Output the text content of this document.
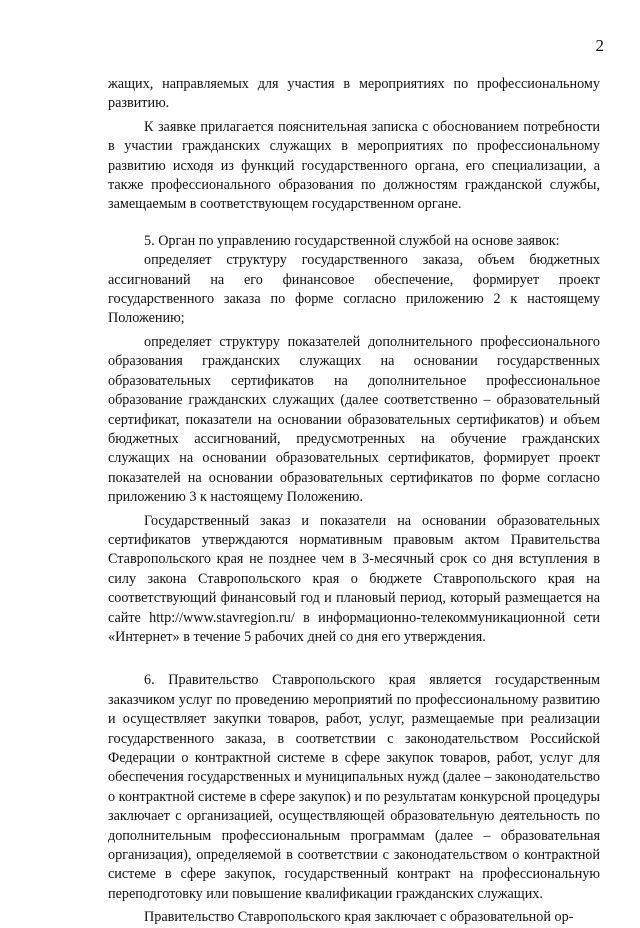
2

жащих, направляемых для участия в мероприятиях по профессиональному развитию.

К заявке прилагается пояснительная записка с обоснованием потребности в участии гражданских служащих в мероприятиях по профессиональному развитию исходя из функций государственного органа, его специализации, а также профессионального образования по должностям гражданской службы, замещаемым в соответствующем государственном органе.

5. Орган по управлению государственной службой на основе заявок:

определяет структуру государственного заказа, объем бюджетных ассигнований на его финансовое обеспечение, формирует проект государственного заказа по форме согласно приложению 2 к настоящему Положению;

определяет структуру показателей дополнительного профессионального образования гражданских служащих на основании государственных образовательных сертификатов на дополнительное профессиональное образование гражданских служащих (далее соответственно – образовательный сертификат, показатели на основании образовательных сертификатов) и объем бюджетных ассигнований, предусмотренных на обучение гражданских служащих на основании образовательных сертификатов, формирует проект показателей на основании образовательных сертификатов по форме согласно приложению 3 к настоящему Положению.

Государственный заказ и показатели на основании образовательных сертификатов утверждаются нормативным правовым актом Правительства Ставропольского края не позднее чем в 3-месячный срок со дня вступления в силу закона Ставропольского края о бюджете Ставропольского края на соответствующий финансовый год и плановый период, который размещается на сайте http://www.stavregion.ru/ в информационно-телекоммуникационной сети «Интернет» в течение 5 рабочих дней со дня его утверждения.

6. Правительство Ставропольского края является государственным заказчиком услуг по проведению мероприятий по профессиональному развитию и осуществляет закупки товаров, работ, услуг, размещаемые при реализации государственного заказа, в соответствии с законодательством Российской Федерации о контрактной системе в сфере закупок товаров, работ, услуг для обеспечения государственных и муниципальных нужд (далее – законодательство о контрактной системе в сфере закупок) и по результатам конкурсной процедуры заключает с организацией, осуществляющей образовательную деятельность по дополнительным профессиональным программам (далее – образовательная организация), определяемой в соответствии с законодательством о контрактной системе в сфере закупок, государственный контракт на профессиональную переподготовку или повышение квалификации гражданских служащих.

Правительство Ставропольского края заключает с образовательной ор-
